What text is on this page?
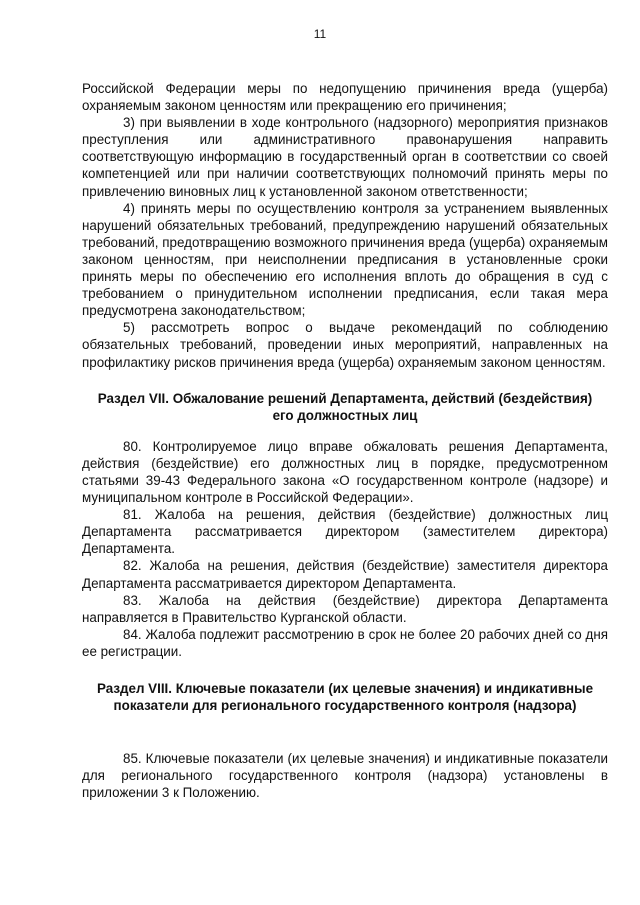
11

Российской Федерации меры по недопущению причинения вреда (ущерба) охраняемым законом ценностям или прекращению его причинения;

3) при выявлении в ходе контрольного (надзорного) мероприятия признаков преступления или административного правонарушения направить соответствующую информацию в государственный орган в соответствии со своей компетенцией или при наличии соответствующих полномочий принять меры по привлечению виновных лиц к установленной законом ответственности;

4) принять меры по осуществлению контроля за устранением выявленных нарушений обязательных требований, предупреждению нарушений обязательных требований, предотвращению возможного причинения вреда (ущерба) охраняемым законом ценностям, при неисполнении предписания в установленные сроки принять меры по обеспечению его исполнения вплоть до обращения в суд с требованием о принудительном исполнении предписания, если такая мера предусмотрена законодательством;

5) рассмотреть вопрос о выдаче рекомендаций по соблюдению обязательных требований, проведении иных мероприятий, направленных на профилактику рисков причинения вреда (ущерба) охраняемым законом ценностям.

Раздел VII. Обжалование решений Департамента, действий (бездействия)
его должностных лиц

80. Контролируемое лицо вправе обжаловать решения Департамента, действия (бездействие) его должностных лиц в порядке, предусмотренном статьями 39-43 Федерального закона «О государственном контроле (надзоре) и муниципальном контроле в Российской Федерации».

81. Жалоба на решения, действия (бездействие) должностных лиц Департамента рассматривается директором (заместителем директора) Департамента.

82. Жалоба на решения, действия (бездействие) заместителя директора Департамента рассматривается директором Департамента.

83. Жалоба на действия (бездействие) директора Департамента направляется в Правительство Курганской области.

84. Жалоба подлежит рассмотрению в срок не более 20 рабочих дней со дня ее регистрации.

Раздел VIII. Ключевые показатели (их целевые значения) и индикативные
показатели для регионального государственного контроля (надзора)

85. Ключевые показатели (их целевые значения) и индикативные показатели для регионального государственного контроля (надзора) установлены в приложении 3 к Положению.
